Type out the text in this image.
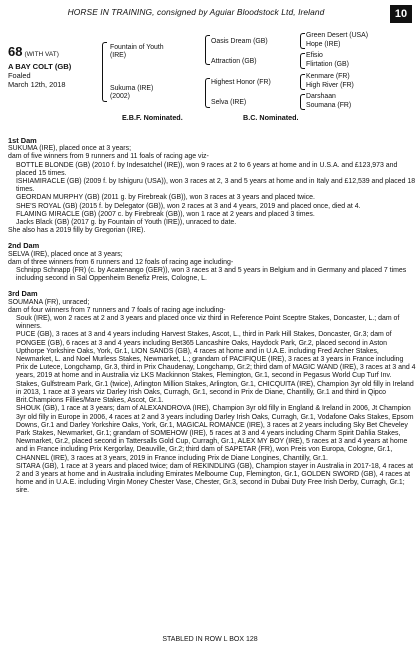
HORSE IN TRAINING, consigned by Aguiar Bloodstock Ltd, Ireland	10
68 (WITH VAT)
A BAY COLT (GB)
Foaled
March 12th, 2018
Fountain of Youth (IRE)
Sukuma (IRE) (2002)
Oasis Dream (GB)
Attraction (GB)
Highest Honor (FR)
Selva (IRE)
Green Desert (USA)
Hope (IRE)
Efisio
Flirtation (GB)
Kenmare (FR)
High River (FR)
Darshaan
Soumana (FR)
E.B.F. Nominated.	B.C. Nominated.

1st Dam

SUKUMA (IRE), placed once at 3 years;

dam of five winners from 9 runners and 11 foals of racing age viz-

BOTTLE BLONDE (GB) (2010 f. by Indesatchel (IRE)), won 9 races at 2 to 6 years at home and in U.S.A. and £123,973 and placed 15 times.

ISHIAMIRACLE (GB) (2009 f. by Ishiguru (USA)), won 3 races at 2, 3 and 5 years at home and in Italy and £12,539 and placed 18 times.

GEORDAN MURPHY (GB) (2011 g. by Firebreak (GB)), won 3 races at 3 years and placed twice.

SHE'S ROYAL (GB) (2015 f. by Delegator (GB)), won 2 races at 3 and 4 years, 2019 and placed once, died at 4.

FLAMING MIRACLE (GB) (2007 c. by Firebreak (GB)), won 1 race at 2 years and placed 3 times.

Jacks Black (GB) (2017 g. by Fountain of Youth (IRE)), unraced to date.

She also has a 2019 filly by Gregorian (IRE).

2nd Dam

SELVA (IRE), placed once at 3 years;

dam of three winners from 6 runners and 12 foals of racing age including-

Schnipp Schnapp (FR) (c. by Acatenango (GER)), won 3 races at 3 and 5 years in Belgium and in Germany and placed 7 times including second in Sal Oppenheim Benefiz Preis, Cologne, L.

3rd Dam

SOUMANA (FR), unraced;

dam of four winners from 7 runners and 7 foals of racing age including-

Souk (IRE), won 2 races at 2 and 3 years and placed once viz third in Reference Point Sceptre Stakes, Doncaster, L.; dam of winners.

PUCE (GB), 3 races at 3 and 4 years including Harvest Stakes, Ascot, L., third in Park Hill Stakes, Doncaster, Gr.3; dam of PONGEE (GB), 6 races at 3 and 4 years including Bet365 Lancashire Oaks, Haydock Park, Gr.2, placed second in Aston Upthorpe Yorkshire Oaks, York, Gr.1, LION SANDS (GB), 4 races at home and in U.A.E. including Fred Archer Stakes, Newmarket, L. and Noel Murless Stakes, Newmarket, L.; grandam of PACIFIQUE (IRE), 3 races at 3 years in France including Prix de Lutece, Longchamp, Gr.3, third in Prix Chaudenay, Longchamp, Gr.2; third dam of MAGIC WAND (IRE), 3 races at 3 and 4 years, 2019 at home and in Australia viz LKS Mackinnon Stakes, Flemington, Gr.1, second in Pegasus World Cup Turf Inv. Stakes, Gulfstream Park, Gr.1 (twice), Arlington Million Stakes, Arlington, Gr.1, CHICQUITA (IRE), Champion 3yr old filly in Ireland in 2013, 1 race at 3 years viz Darley Irish Oaks, Curragh, Gr.1, second in Prix de Diane, Chantilly, Gr.1 and third in Qipco Brit.Champions Fillies/Mare Stakes, Ascot, Gr.1.

SHOUK (GB), 1 race at 3 years; dam of ALEXANDROVA (IRE), Champion 3yr old filly in England & Ireland in 2006, Jt Champion 3yr old filly in Europe in 2006, 4 races at 2 and 3 years including Darley Irish Oaks, Curragh, Gr.1, Vodafone Oaks Stakes, Epsom Downs, Gr.1 and Darley Yorkshire Oaks, York, Gr.1, MAGICAL ROMANCE (IRE), 3 races at 2 years including Sky Bet Cheveley Park Stakes, Newmarket, Gr.1; grandam of SOMEHOW (IRE), 5 races at 3 and 4 years including Charm Spirit Dahlia Stakes, Newmarket, Gr.2, placed second in Tattersalls Gold Cup, Curragh, Gr.1, ALEX MY BOY (IRE), 5 races at 3 and 4 years at home and in France including Prix Kergorlay, Deauville, Gr.2; third dam of SAPETAR (FR), won Preis von Europa, Cologne, Gr.1, CHANNEL (IRE), 3 races at 3 years, 2019 in France including Prix de Diane Longines, Chantilly, Gr.1.

SITARA (GB), 1 race at 3 years and placed twice; dam of REKINDLING (GB), Champion stayer in Australia in 2017-18, 4 races at 2 and 3 years at home and in Australia including Emirates Melbourne Cup, Flemington, Gr.1, GOLDEN SWORD (GB), 4 races at home and in U.A.E. including Virgin Money Chester Vase, Chester, Gr.3, second in Dubai Duty Free Irish Derby, Curragh, Gr.1; sire.

STABLED IN ROW L BOX 128
